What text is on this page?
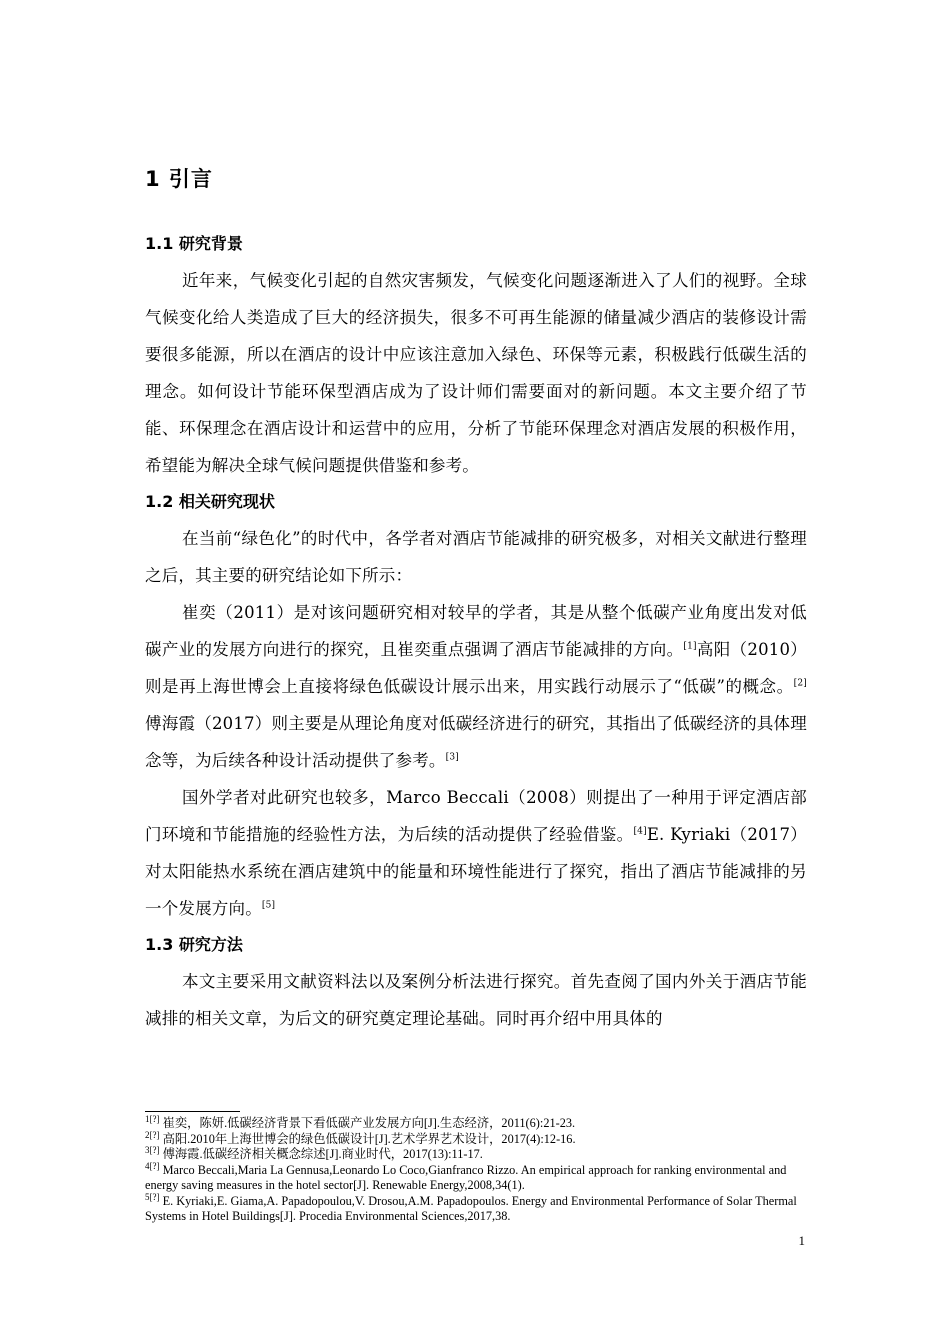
1 引言
1.1 研究背景

近年来，气候变化引起的自然灾害频发，气候变化问题逐渐进入了人们的视野。全球气候变化给人类造成了巨大的经济损失，很多不可再生能源的储量减少酒店的装修设计需要很多能源，所以在酒店的设计中应该注意加入绿色、环保等元素，积极践行低碳生活的理念。如何设计节能环保型酒店成为了设计师们需要面对的新问题。本文主要介绍了节能、环保理念在酒店设计和运营中的应用，分析了节能环保理念对酒店发展的积极作用，希望能为解决全球气候问题提供借鉴和参考。

1.2 相关研究现状

在当前“绿色化”的时代中，各学者对酒店节能减排的研究极多，对相关文献进行整理之后，其主要的研究结论如下所示：

崔奕（2011）是对该问题研究相对较早的学者，其是从整个低碳产业角度出发对低碳产业的发展方向进行的探究，且崔奕重点强调了酒店节能减排的方向。[1]高阳（2010）则是再上海世博会上直接将绿色低碳设计展示出来，用实践行动展示了“低碳”的概念。[2]傅海霞（2017）则主要是从理论角度对低碳经济进行的研究，其指出了低碳经济的具体理念等，为后续各种设计活动提供了参考。[3]

国外学者对此研究也较多，Marco Beccali（2008）则提出了一种用于评定酒店部门环境和节能措施的经验性方法，为后续的活动提供了经验借鉴。[4]E. Kyriaki（2017）对太阳能热水系统在酒店建筑中的能量和环境性能进行了探究，指出了酒店节能减排的另一个发展方向。[5]

1.3 研究方法

本文主要采用文献资料法以及案例分析法进行探究。首先查阅了国内外关于酒店节能减排的相关文章，为后文的研究奠定理论基础。同时再介绍中用具体的

$^{1[?]}$ 崔奕，陈妍.低碳经济背景下看低碳产业发展方向[J].生态经济，2011(6):21-23.

$^{2[?]}$ 高阳.2010年上海世博会的绿色低碳设计[J].艺术学界艺术设计，2017(4):12-16.

$^{3[?]}$ 傅海霞.低碳经济相关概念综述[J].商业时代，2017(13):11-17.

$^{4[?]}$ Marco Beccali,Maria La Gennusa,Leonardo Lo Coco,Gianfranco Rizzo. An empirical approach for ranking environmental and energy saving measures in the hotel sector[J]. Renewable Energy,2008,34(1).

$^{5[?]}$ E. Kyriaki,E. Giama,A. Papadopoulou,V. Drosou,A.M. Papadopoulos. Energy and Environmental Performance of Solar Thermal Systems in Hotel Buildings[J]. Procedia Environmental Sciences,2017,38.

1
